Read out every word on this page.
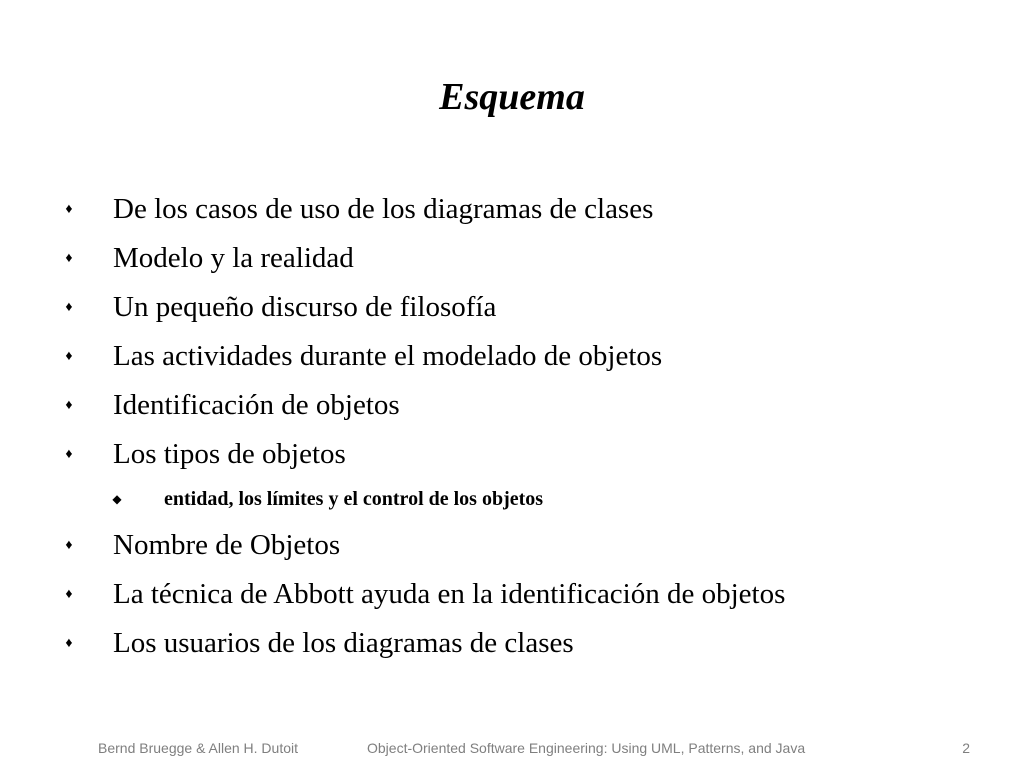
Esquema
♦ De los casos de uso de los diagramas de clases
♦ Modelo y la realidad
♦ Un pequeño discurso de filosofía
♦ Las actividades durante el modelado de objetos
♦ Identificación de objetos
♦ Los tipos de objetos
◆ entidad, los límites y el control de los objetos
♦ Nombre de Objetos
♦ La técnica de Abbott ayuda en la identificación de objetos
♦ Los usuarios de los diagramas de clases
Bernd Bruegge & Allen H. Dutoit	Object-Oriented Software Engineering: Using UML, Patterns, and Java	2
